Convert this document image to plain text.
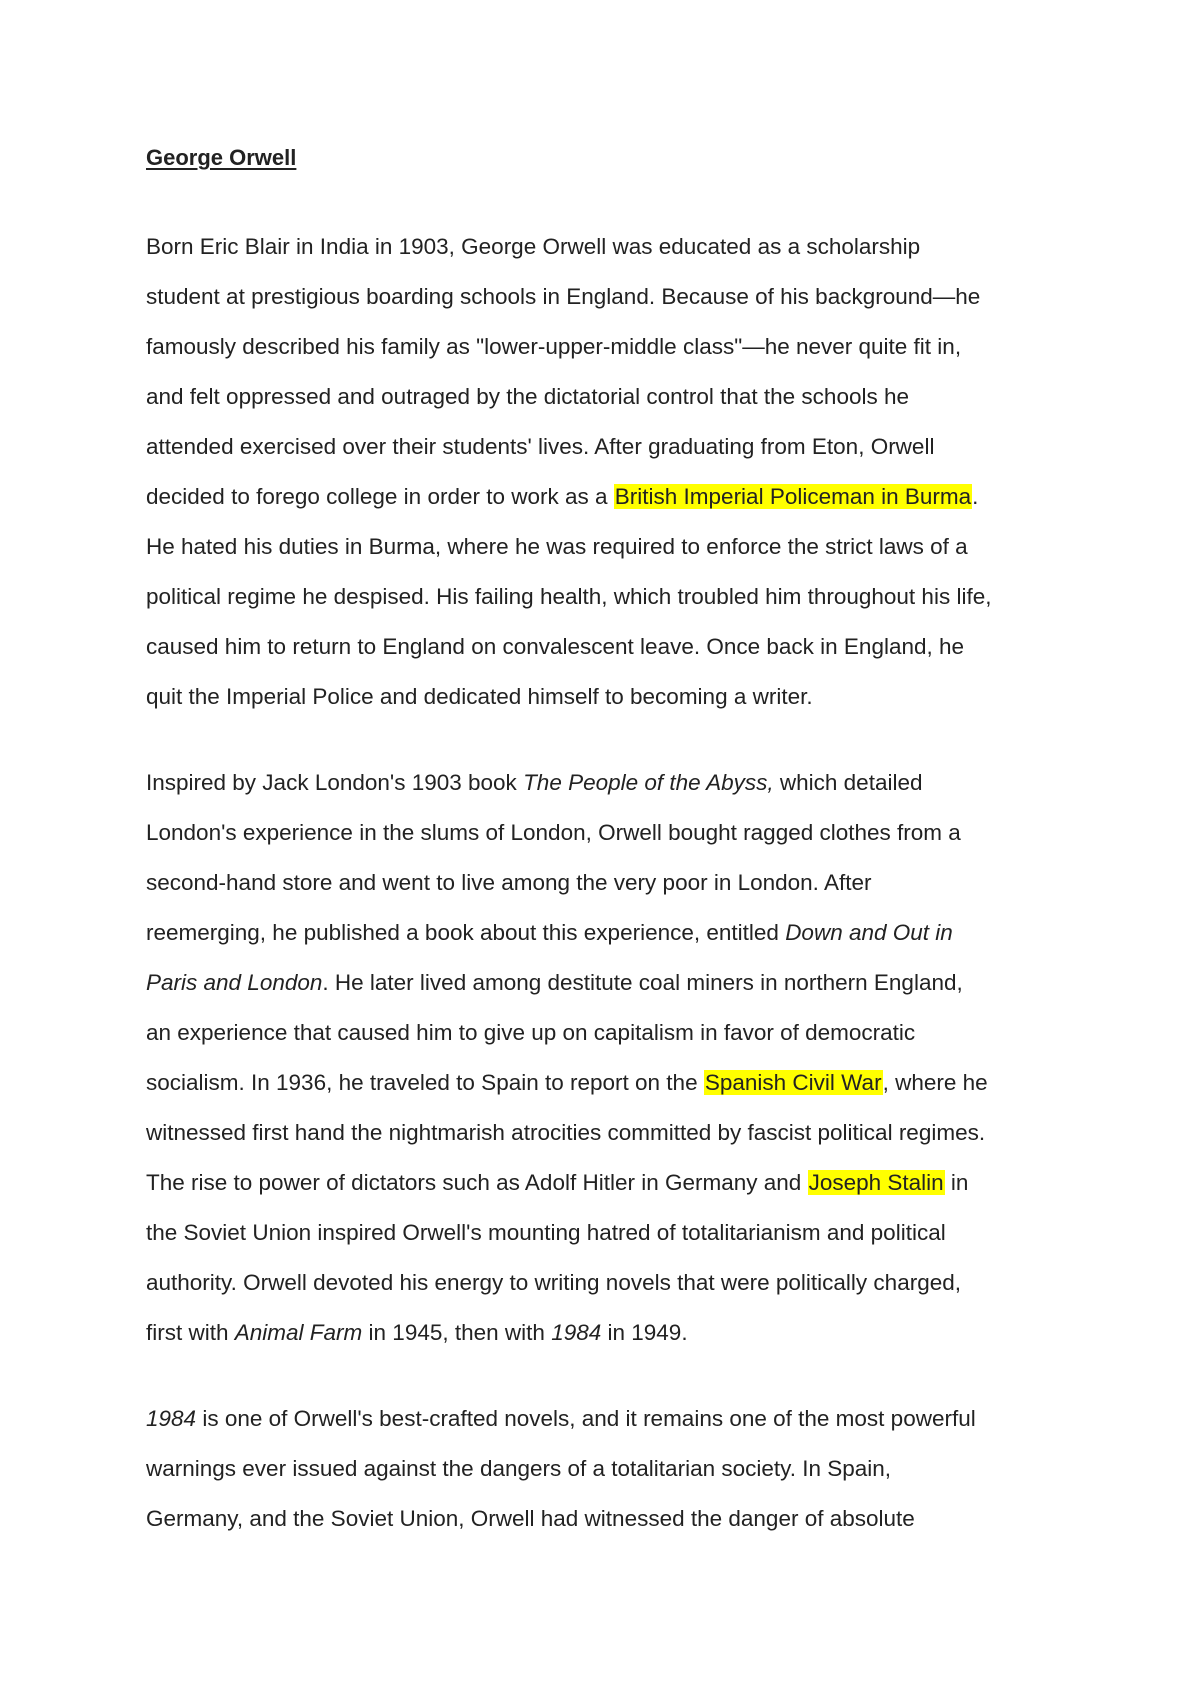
George Orwell
Born Eric Blair in India in 1903, George Orwell was educated as a scholarship
student at prestigious boarding schools in England. Because of his background—he
famously described his family as "lower-upper-middle class"—he never quite fit in,
and felt oppressed and outraged by the dictatorial control that the schools he
attended exercised over their students' lives. After graduating from Eton, Orwell
decided to forego college in order to work as a British Imperial Policeman in Burma.
He hated his duties in Burma, where he was required to enforce the strict laws of a
political regime he despised. His failing health, which troubled him throughout his life,
caused him to return to England on convalescent leave. Once back in England, he
quit the Imperial Police and dedicated himself to becoming a writer.
Inspired by Jack London's 1903 book The People of the Abyss, which detailed
London's experience in the slums of London, Orwell bought ragged clothes from a
second-hand store and went to live among the very poor in London. After
reemerging, he published a book about this experience, entitled Down and Out in
Paris and London. He later lived among destitute coal miners in northern England,
an experience that caused him to give up on capitalism in favor of democratic
socialism. In 1936, he traveled to Spain to report on the Spanish Civil War, where he
witnessed first hand the nightmarish atrocities committed by fascist political regimes.
The rise to power of dictators such as Adolf Hitler in Germany and Joseph Stalin in
the Soviet Union inspired Orwell's mounting hatred of totalitarianism and political
authority. Orwell devoted his energy to writing novels that were politically charged,
first with Animal Farm in 1945, then with 1984 in 1949.
1984 is one of Orwell's best-crafted novels, and it remains one of the most powerful
warnings ever issued against the dangers of a totalitarian society. In Spain,
Germany, and the Soviet Union, Orwell had witnessed the danger of absolute
